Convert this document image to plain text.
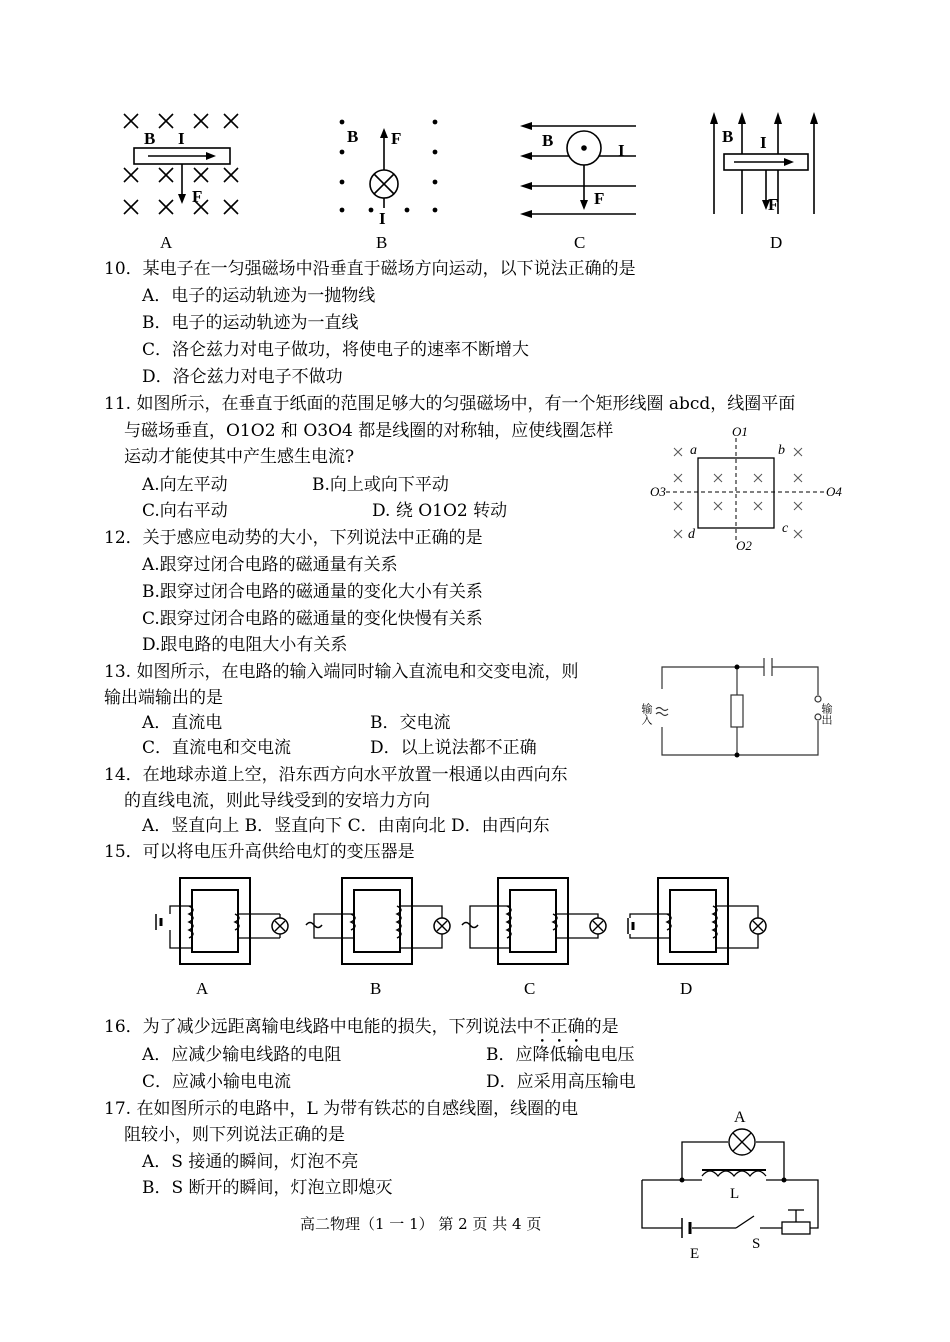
B I
F
B F
I
B
I
F
B I
F
A	B	C	D
10．某电子在一匀强磁场中沿垂直于磁场方向运动，以下说法正确的是
A．电子的运动轨迹为一抛物线
B．电子的运动轨迹为一直线
C．洛仑兹力对电子做功，将使电子的速率不断增大
D．洛仑兹力对电子不做功
11. 如图所示，在垂直于纸面的范围足够大的匀强磁场中，有一个矩形线圈 abcd，线圈平面
与磁场垂直，O1O2 和 O3O4 都是线圈的对称轴，应使线圈怎样
运动才能使其中产生感生电流?
A.向左平动	B.向上或向下平动
C.向右平动	D. 绕 O1O2 转动
a	b
c
d
O1
O2
O3	O4
12．关于感应电动势的大小，下列说法中正确的是
A.跟穿过闭合电路的磁通量有关系
B.跟穿过闭合电路的磁通量的变化大小有关系
C.跟穿过闭合电路的磁通量的变化快慢有关系
D.跟电路的电阻大小有关系
13. 如图所示，在电路的输入端同时输入直流电和交变电流，则
输出端输出的是
A．直流电	B．交电流
C．直流电和交电流	D．以上说法都不正确
输入	输出
14．在地球赤道上空，沿东西方向水平放置一根通以由西向东
的直线电流，则此导线受到的安培力方向
A．竖直向上 B．竖直向下 C．由南向北 D．由西向东
15．可以将电压升高供给电灯的变压器是
A	B	C	D
16．为了减少远距离输电线路中电能的损失，下列说法中不正确的是
A．应减少输电线路的电阻	B．应降低输电电压
C．应减小输电电流	D．应采用高压输电
17. 在如图所示的电路中，L 为带有铁芯的自感线圈，线圈的电
阻较小，则下列说法正确的是
A．S 接通的瞬间，灯泡不亮
B．S 断开的瞬间，灯泡立即熄灭
A
L
E
S
高二物理（1 一 1） 第 2 页 共 4 页
